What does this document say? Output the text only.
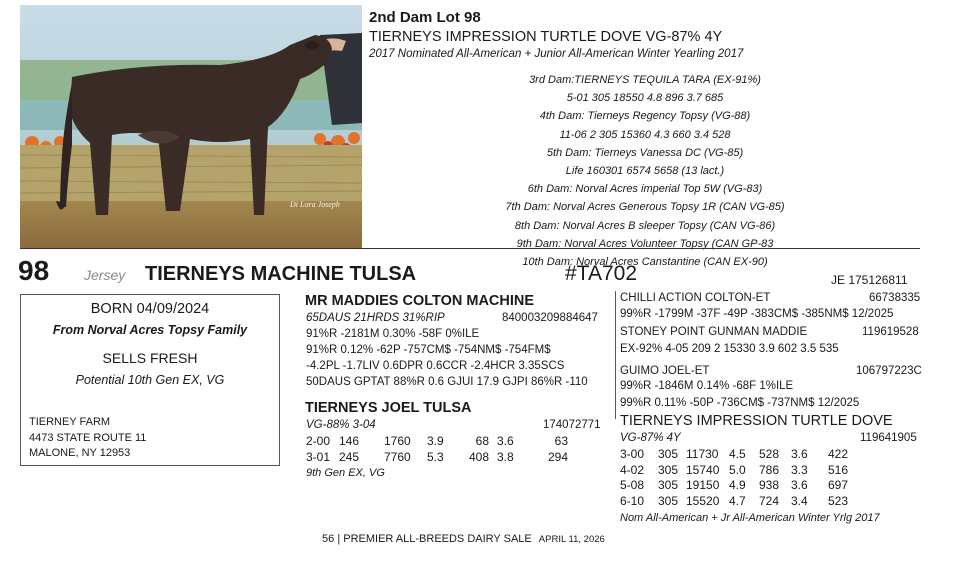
Di Lora Joseph
2nd Dam Lot 98
TIERNEYS IMPRESSION TURTLE DOVE VG-87% 4Y
2017 Nominated All-American + Junior All-American Winter Yearling 2017
3rd Dam:TIERNEYS TEQUILA TARA (EX-91%)
5-01 305 18550 4.8 896 3.7 685
4th Dam: Tierneys Regency Topsy (VG-88)
11-06 2 305 15360 4.3 660 3.4 528
5th Dam: Tierneys Vanessa DC (VG-85)
Life 160301 6574 5658 (13 lact.)
6th Dam: Norval Acres imperial Top 5W (VG-83)
7th Dam: Norval Acres Generous Topsy 1R (CAN VG-85)
8th Dam: Norval Acres B sleeper Topsy (CAN VG-86)
9th Dam: Norval Acres Volunteer Topsy (CAN GP-83
10th Dam: Norval Acres Canstantine (CAN EX-90)
98 Jersey TIERNEYS MACHINE TULSA	#TA702	JE 175126811
BORN 04/09/2024
From Norval Acres Topsy Family
SELLS FRESH
Potential 10th Gen EX, VG
TIERNEY FARM
4473 STATE ROUTE 11
MALONE, NY 12953
MR MADDIES COLTON MACHINE
65DAUS 21HRDS 31%RIP	840003209884647
91%R -2181M 0.30% -58F 0%ILE
91%R 0.12% -62P -757CM$ -754NM$ -754FM$
-4.2PL -1.7LIV 0.6DPR 0.6CCR -2.4HCR 3.35SCS
50DAUS GPTAT 88%R 0.6 GJUI 17.9 GJPI 86%R -110
TIERNEYS JOEL TULSA
VG-88% 3-04	174072771
2-00	146	1760	3.9	68	3.6	63
3-01	245	7760	5.3	408	3.8	294
9th Gen EX, VG
CHILLI ACTION COLTON-ET	66738335
99%R -1799M -37F -49P -383CM$ -385NM$ 12/2025
STONEY POINT GUNMAN MADDIE	119619528
EX-92% 4-05 209 2 15330 3.9 602 3.5 535
GUIMO JOEL-ET	106797223C
99%R -1846M 0.14% -68F 1%ILE
99%R 0.11% -50P -736CM$ -737NM$ 12/2025
TIERNEYS IMPRESSION TURTLE DOVE
VG-87% 4Y	119641905
3-00	305	11730	4.5	528	3.6	422
4-02	305	15740	5.0	786	3.3	516
5-08	305	19150	4.9	938	3.6	697
6-10	305	15520	4.7	724	3.4	523
Nom All-American + Jr All-American Winter Yrlg 2017
56 | PREMIER ALL-BREEDS DAIRY SALE APRIL 11, 2026
